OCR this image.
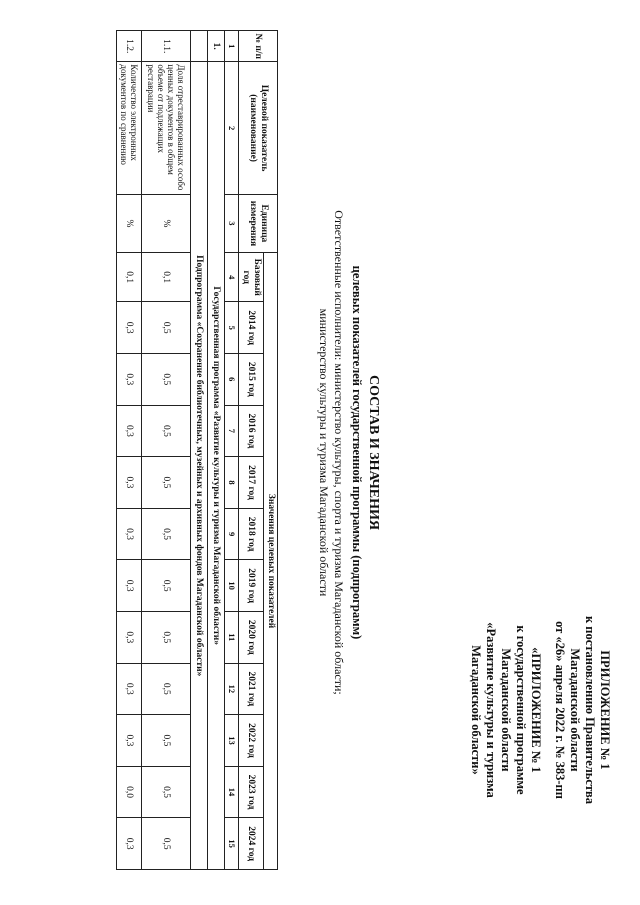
ПРИЛОЖЕНИЕ № 1
к постановлению Правительства
Магаданской области
от «26» апреля 2022 г. № 383-пп
«ПРИЛОЖЕНИЕ № 1
к государственной программе
Магаданской области
«Развитие культуры и туризма
Магаданской области»
СОСТАВ И ЗНАЧЕНИЯ
целевых показателей государственной программы (подпрограмм)
Ответственные исполнители: министерство культуры, спорта и туризма Магаданской области;
министерство культуры и туризма Магаданской области
№ п/п	Целевой показатель (наименование)	Единица измерения	Значения целевых показателей											
			Базовый год	2014 год	2015 год	2016 год	2017 год	2018 год	2019 год	2020 год	2021 год	2022 год	2023 год	2024 год
1	2	3	4	5	6	7	8	9	10	11	12	13	14	15
1.	Государственная программа «Развитие культуры и туризма Магаданской области»													
	Подпрограмма «Сохранение библиотечных, музейных и архивных фондов Магаданской области»													
1.1.	Доля отреставрированных особо ценных документов в общем объеме от подлежащих реставрации	%	0,1	0,5	0,5	0,5	0,5	0,5	0,5	0,5	0,5	0,5	0,5	0,5
1.2.	Количество электронных документов по сравнению	%	0,1	0,3	0,3	0,3	0,3	0,3	0,3	0,3	0,3	0,3	0,0	0,3
